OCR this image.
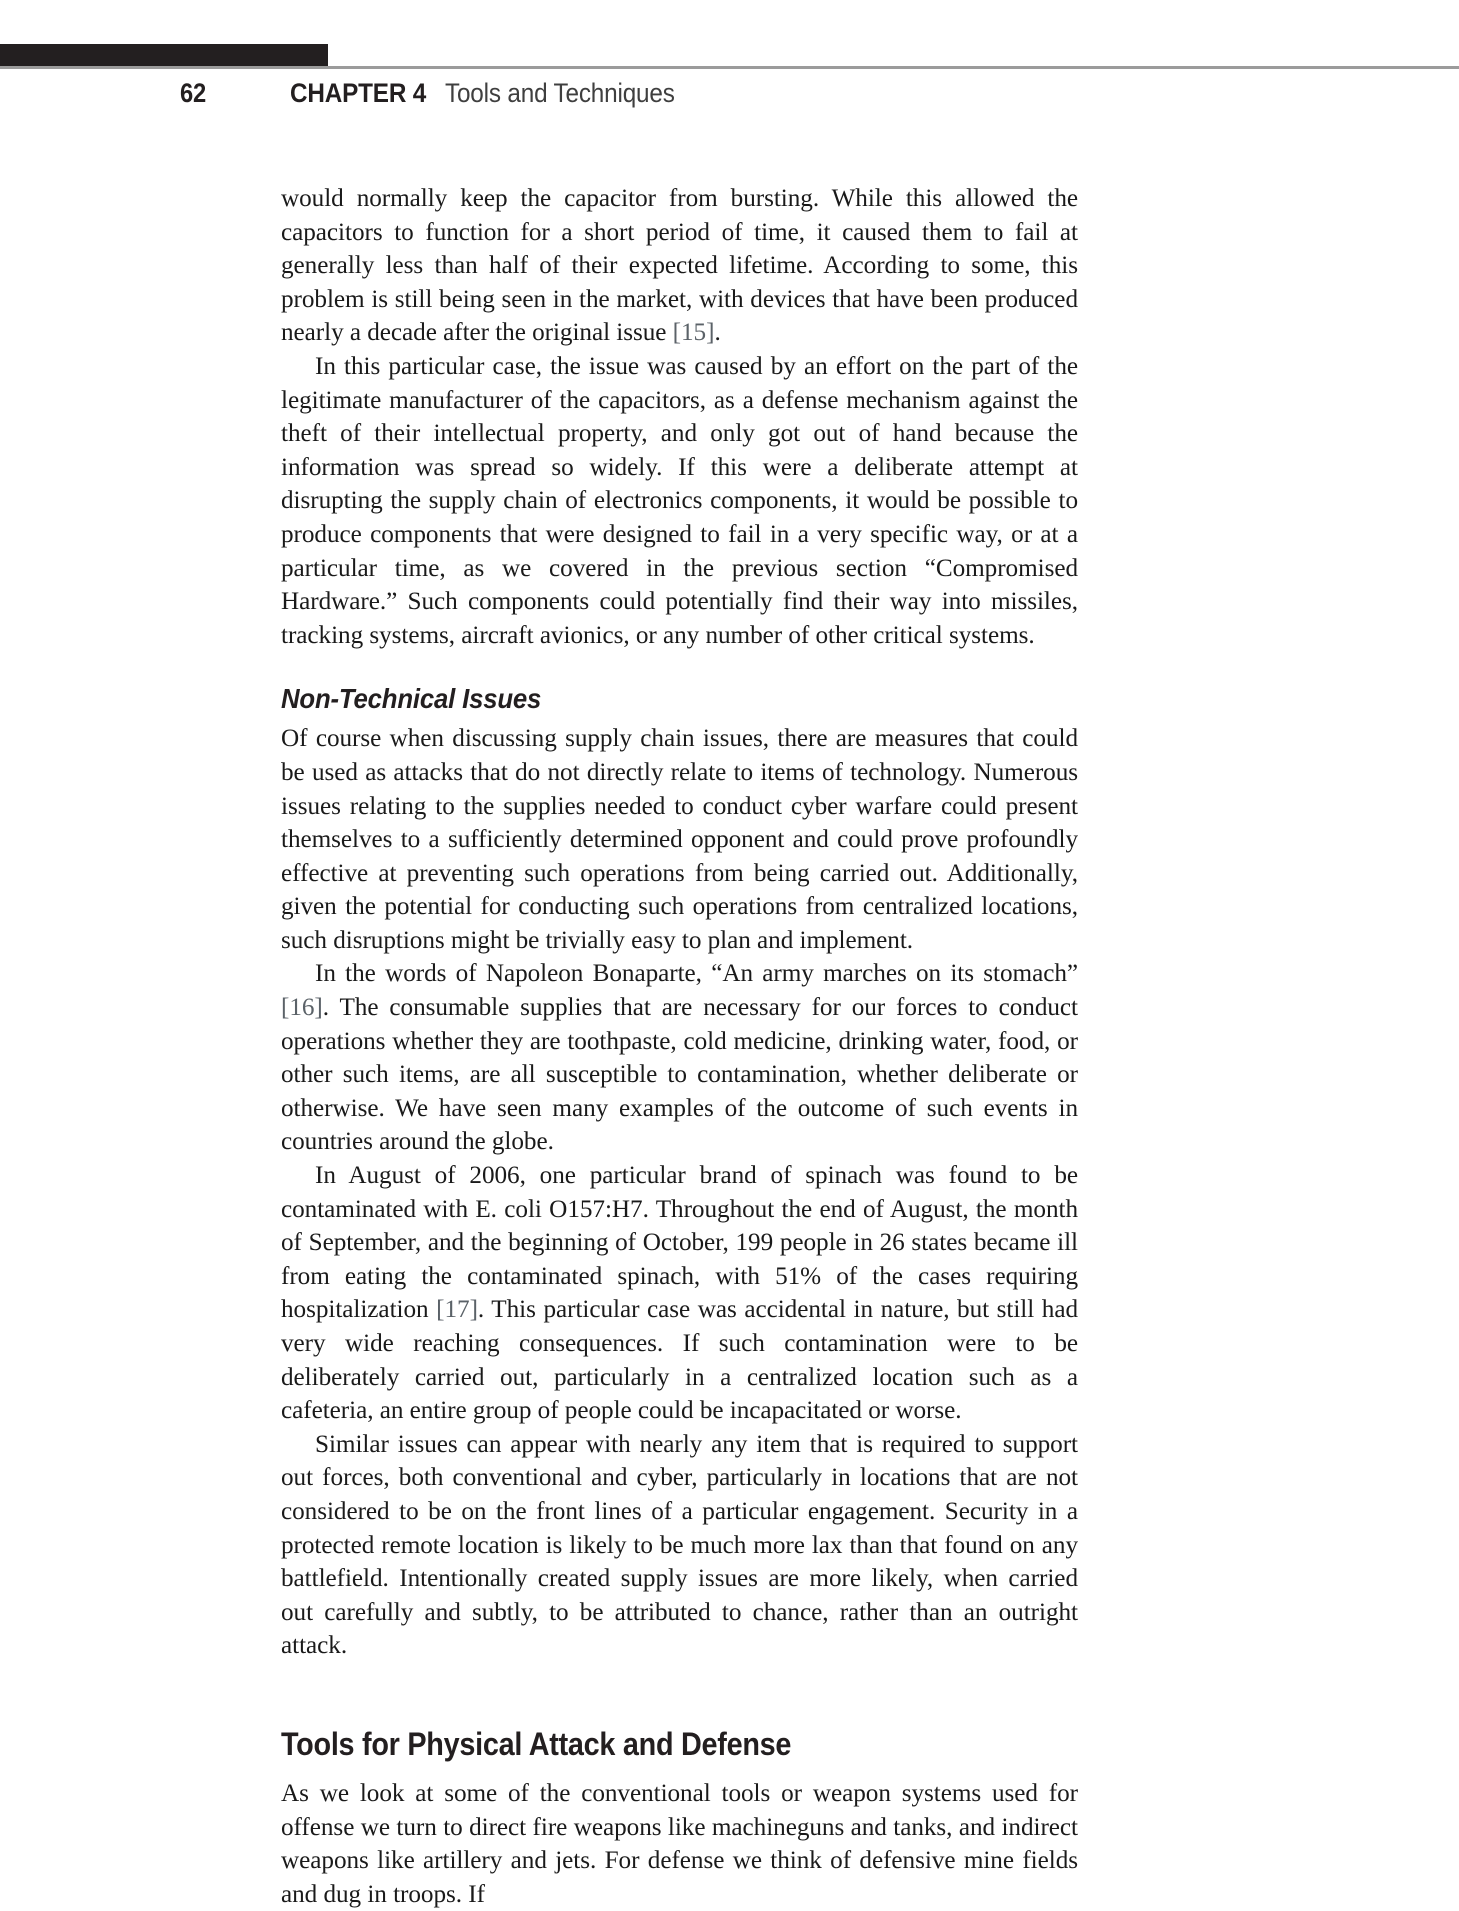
62	CHAPTER 4 Tools and Techniques

would normally keep the capacitor from bursting. While this allowed the capacitors to function for a short period of time, it caused them to fail at generally less than half of their expected lifetime. According to some, this problem is still being seen in the market, with devices that have been produced nearly a decade after the original issue [15].

In this particular case, the issue was caused by an effort on the part of the legitimate manufacturer of the capacitors, as a defense mechanism against the theft of their intellectual property, and only got out of hand because the information was spread so widely. If this were a deliberate attempt at disrupting the supply chain of electronics components, it would be possible to produce components that were designed to fail in a very specific way, or at a particular time, as we covered in the previous section “Compromised Hardware.” Such components could potentially find their way into missiles, tracking systems, aircraft avionics, or any number of other critical systems.

Non-Technical Issues

Of course when discussing supply chain issues, there are measures that could be used as attacks that do not directly relate to items of technology. Numerous issues relating to the supplies needed to conduct cyber warfare could present themselves to a sufficiently determined opponent and could prove profoundly effective at preventing such operations from being carried out. Additionally, given the potential for conducting such operations from centralized locations, such disruptions might be trivially easy to plan and implement.

In the words of Napoleon Bonaparte, “An army marches on its stomach” [16]. The consumable supplies that are necessary for our forces to conduct operations whether they are toothpaste, cold medicine, drinking water, food, or other such items, are all susceptible to contamination, whether deliberate or otherwise. We have seen many examples of the outcome of such events in countries around the globe.

In August of 2006, one particular brand of spinach was found to be contaminated with E. coli O157:H7. Throughout the end of August, the month of September, and the beginning of October, 199 people in 26 states became ill from eating the contaminated spinach, with 51% of the cases requiring hospitalization [17]. This particular case was accidental in nature, but still had very wide reaching consequences. If such contamination were to be deliberately carried out, particularly in a centralized location such as a cafeteria, an entire group of people could be incapacitated or worse.

Similar issues can appear with nearly any item that is required to support out forces, both conventional and cyber, particularly in locations that are not considered to be on the front lines of a particular engagement. Security in a protected remote location is likely to be much more lax than that found on any battlefield. Intentionally created supply issues are more likely, when carried out carefully and subtly, to be attributed to chance, rather than an outright attack.

Tools for Physical Attack and Defense

As we look at some of the conventional tools or weapon systems used for offense we turn to direct fire weapons like machineguns and tanks, and indirect weapons like artillery and jets. For defense we think of defensive mine fields and dug in troops. If
